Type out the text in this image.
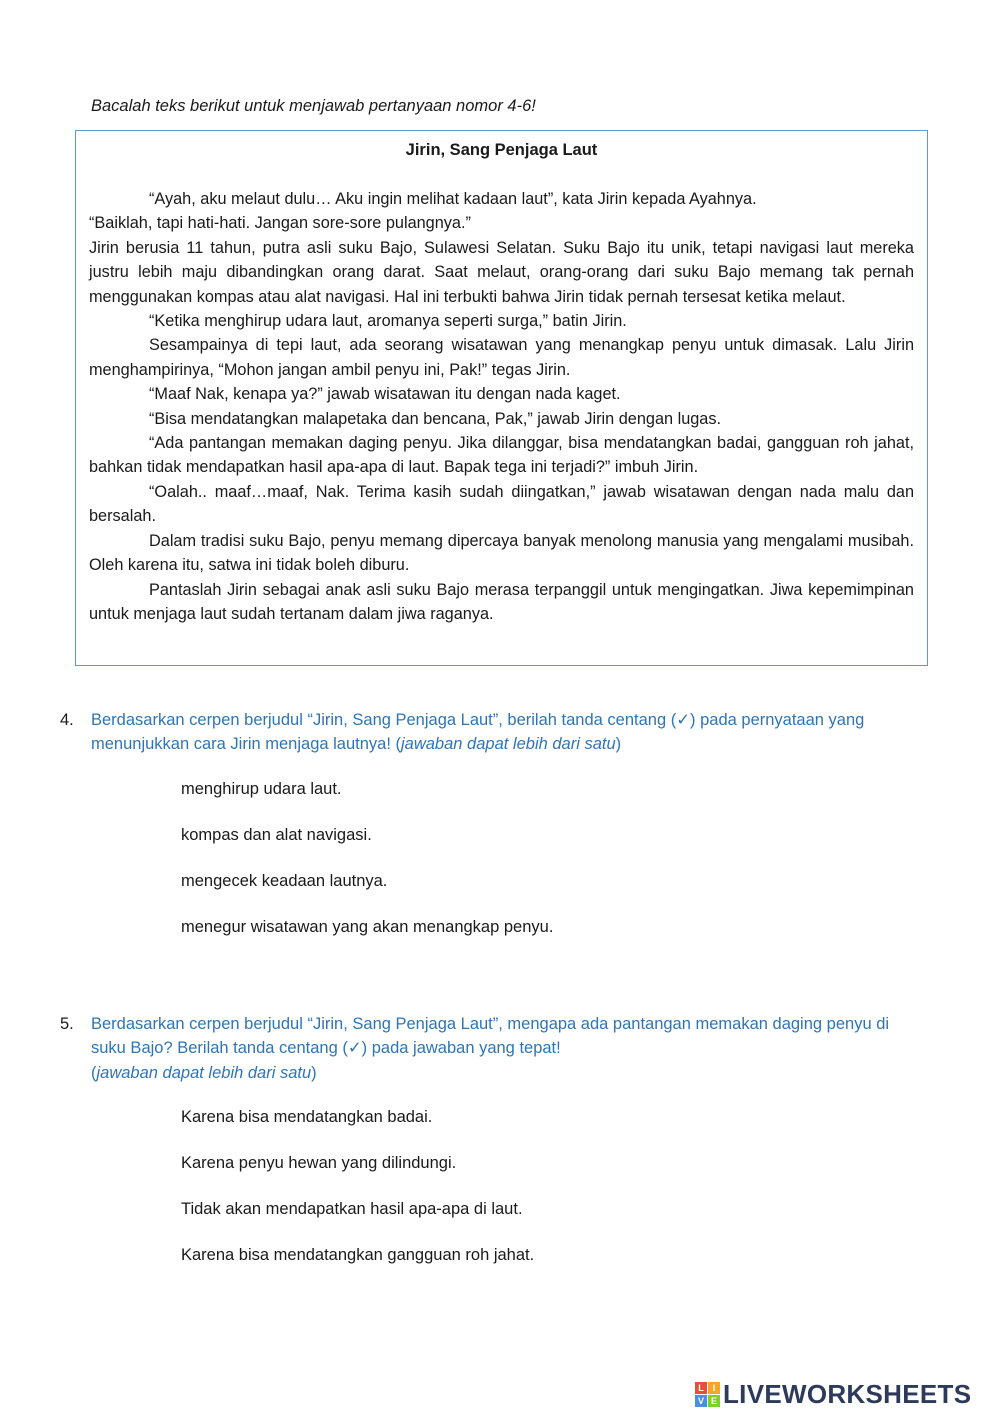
Bacalah teks berikut untuk menjawab pertanyaan nomor 4-6!
Jirin, Sang Penjaga Laut

“Ayah, aku melaut dulu… Aku ingin melihat kadaan laut”, kata Jirin kepada Ayahnya.

“Baiklah, tapi hati-hati. Jangan sore-sore pulangnya.”

Jirin berusia 11 tahun, putra asli suku Bajo, Sulawesi Selatan. Suku Bajo itu unik, tetapi navigasi laut mereka justru lebih maju dibandingkan orang darat. Saat melaut, orang-orang dari suku Bajo memang tak pernah menggunakan kompas atau alat navigasi. Hal ini terbukti bahwa Jirin tidak pernah tersesat ketika melaut.

“Ketika menghirup udara laut, aromanya seperti surga,” batin Jirin.

Sesampainya di tepi laut, ada seorang wisatawan yang menangkap penyu untuk dimasak. Lalu Jirin menghampirinya, “Mohon jangan ambil penyu ini, Pak!” tegas Jirin.

“Maaf Nak, kenapa ya?” jawab wisatawan itu dengan nada kaget.

“Bisa mendatangkan malapetaka dan bencana, Pak,” jawab Jirin dengan lugas.

“Ada pantangan memakan daging penyu. Jika dilanggar, bisa mendatangkan badai, gangguan roh jahat, bahkan tidak mendapatkan hasil apa-apa di laut. Bapak tega ini terjadi?” imbuh Jirin.

“Oalah.. maaf…maaf, Nak. Terima kasih sudah diingatkan,” jawab wisatawan dengan nada malu dan bersalah.

Dalam tradisi suku Bajo, penyu memang dipercaya banyak menolong manusia yang mengalami musibah. Oleh karena itu, satwa ini tidak boleh diburu.

Pantaslah Jirin sebagai anak asli suku Bajo merasa terpanggil untuk mengingatkan. Jiwa kepemimpinan untuk menjaga laut sudah tertanam dalam jiwa raganya.

4. Berdasarkan cerpen berjudul “Jirin, Sang Penjaga Laut”, berilah tanda centang (✓) pada pernyataan yang menunjukkan cara Jirin menjaga lautnya! (jawaban dapat lebih dari satu)
menghirup udara laut.
kompas dan alat navigasi.
mengecek keadaan lautnya.
menegur wisatawan yang akan menangkap penyu.
5. Berdasarkan cerpen berjudul “Jirin, Sang Penjaga Laut”, mengapa ada pantangan memakan daging penyu di suku Bajo? Berilah tanda centang (✓) pada jawaban yang tepat!
(jawaban dapat lebih dari satu)
Karena bisa mendatangkan badai.
Karena penyu hewan yang dilindungi.
Tidak akan mendapatkan hasil apa-apa di laut.
Karena bisa mendatangkan gangguan roh jahat.
L I
V E LIVEWORKSHEETS
